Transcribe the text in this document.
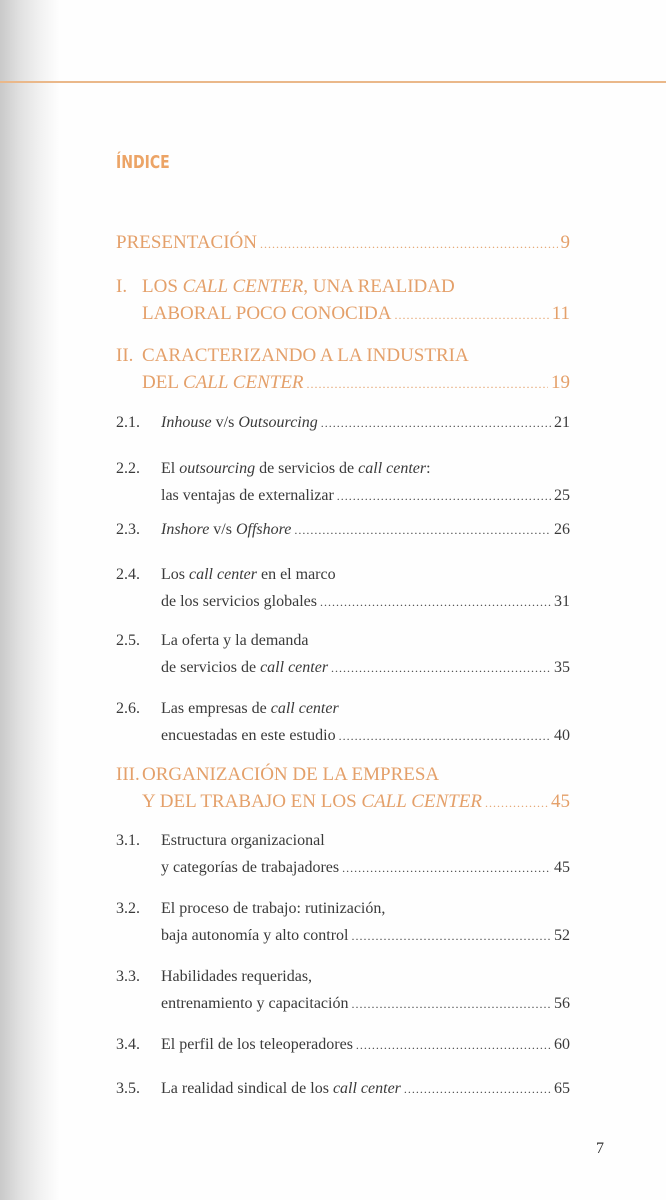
ÍNDICE
PRESENTACIÓN .....	9
I. LOS CALL CENTER, UNA REALIDAD
LABORAL POCO CONOCIDA .....	11
II. CARACTERIZANDO A LA INDUSTRIA
DEL CALL CENTER .....	19
2.1.	Inhouse v/s Outsourcing .....	21
2.2.	El outsourcing de servicios de call center:
las ventajas de externalizar .....	25
2.3.	Inshore v/s Offshore .....	26
2.4.	Los call center en el marco
de los servicios globales .....	31
2.5.	La oferta y la demanda
de servicios de call center .....	35
2.6.	Las empresas de call center
encuestadas en este estudio .....	40
III. ORGANIZACIÓN DE LA EMPRESA
Y DEL TRABAJO EN LOS CALL CENTER .....	45
3.1.	Estructura organizacional
y categorías de trabajadores .....	45
3.2.	El proceso de trabajo: rutinización,
baja autonomía y alto control .....	52
3.3.	Habilidades requeridas,
entrenamiento y capacitación .....	56
3.4.	El perfil de los teleoperadores .....	60
3.5.	La realidad sindical de los call center .....	65
7
